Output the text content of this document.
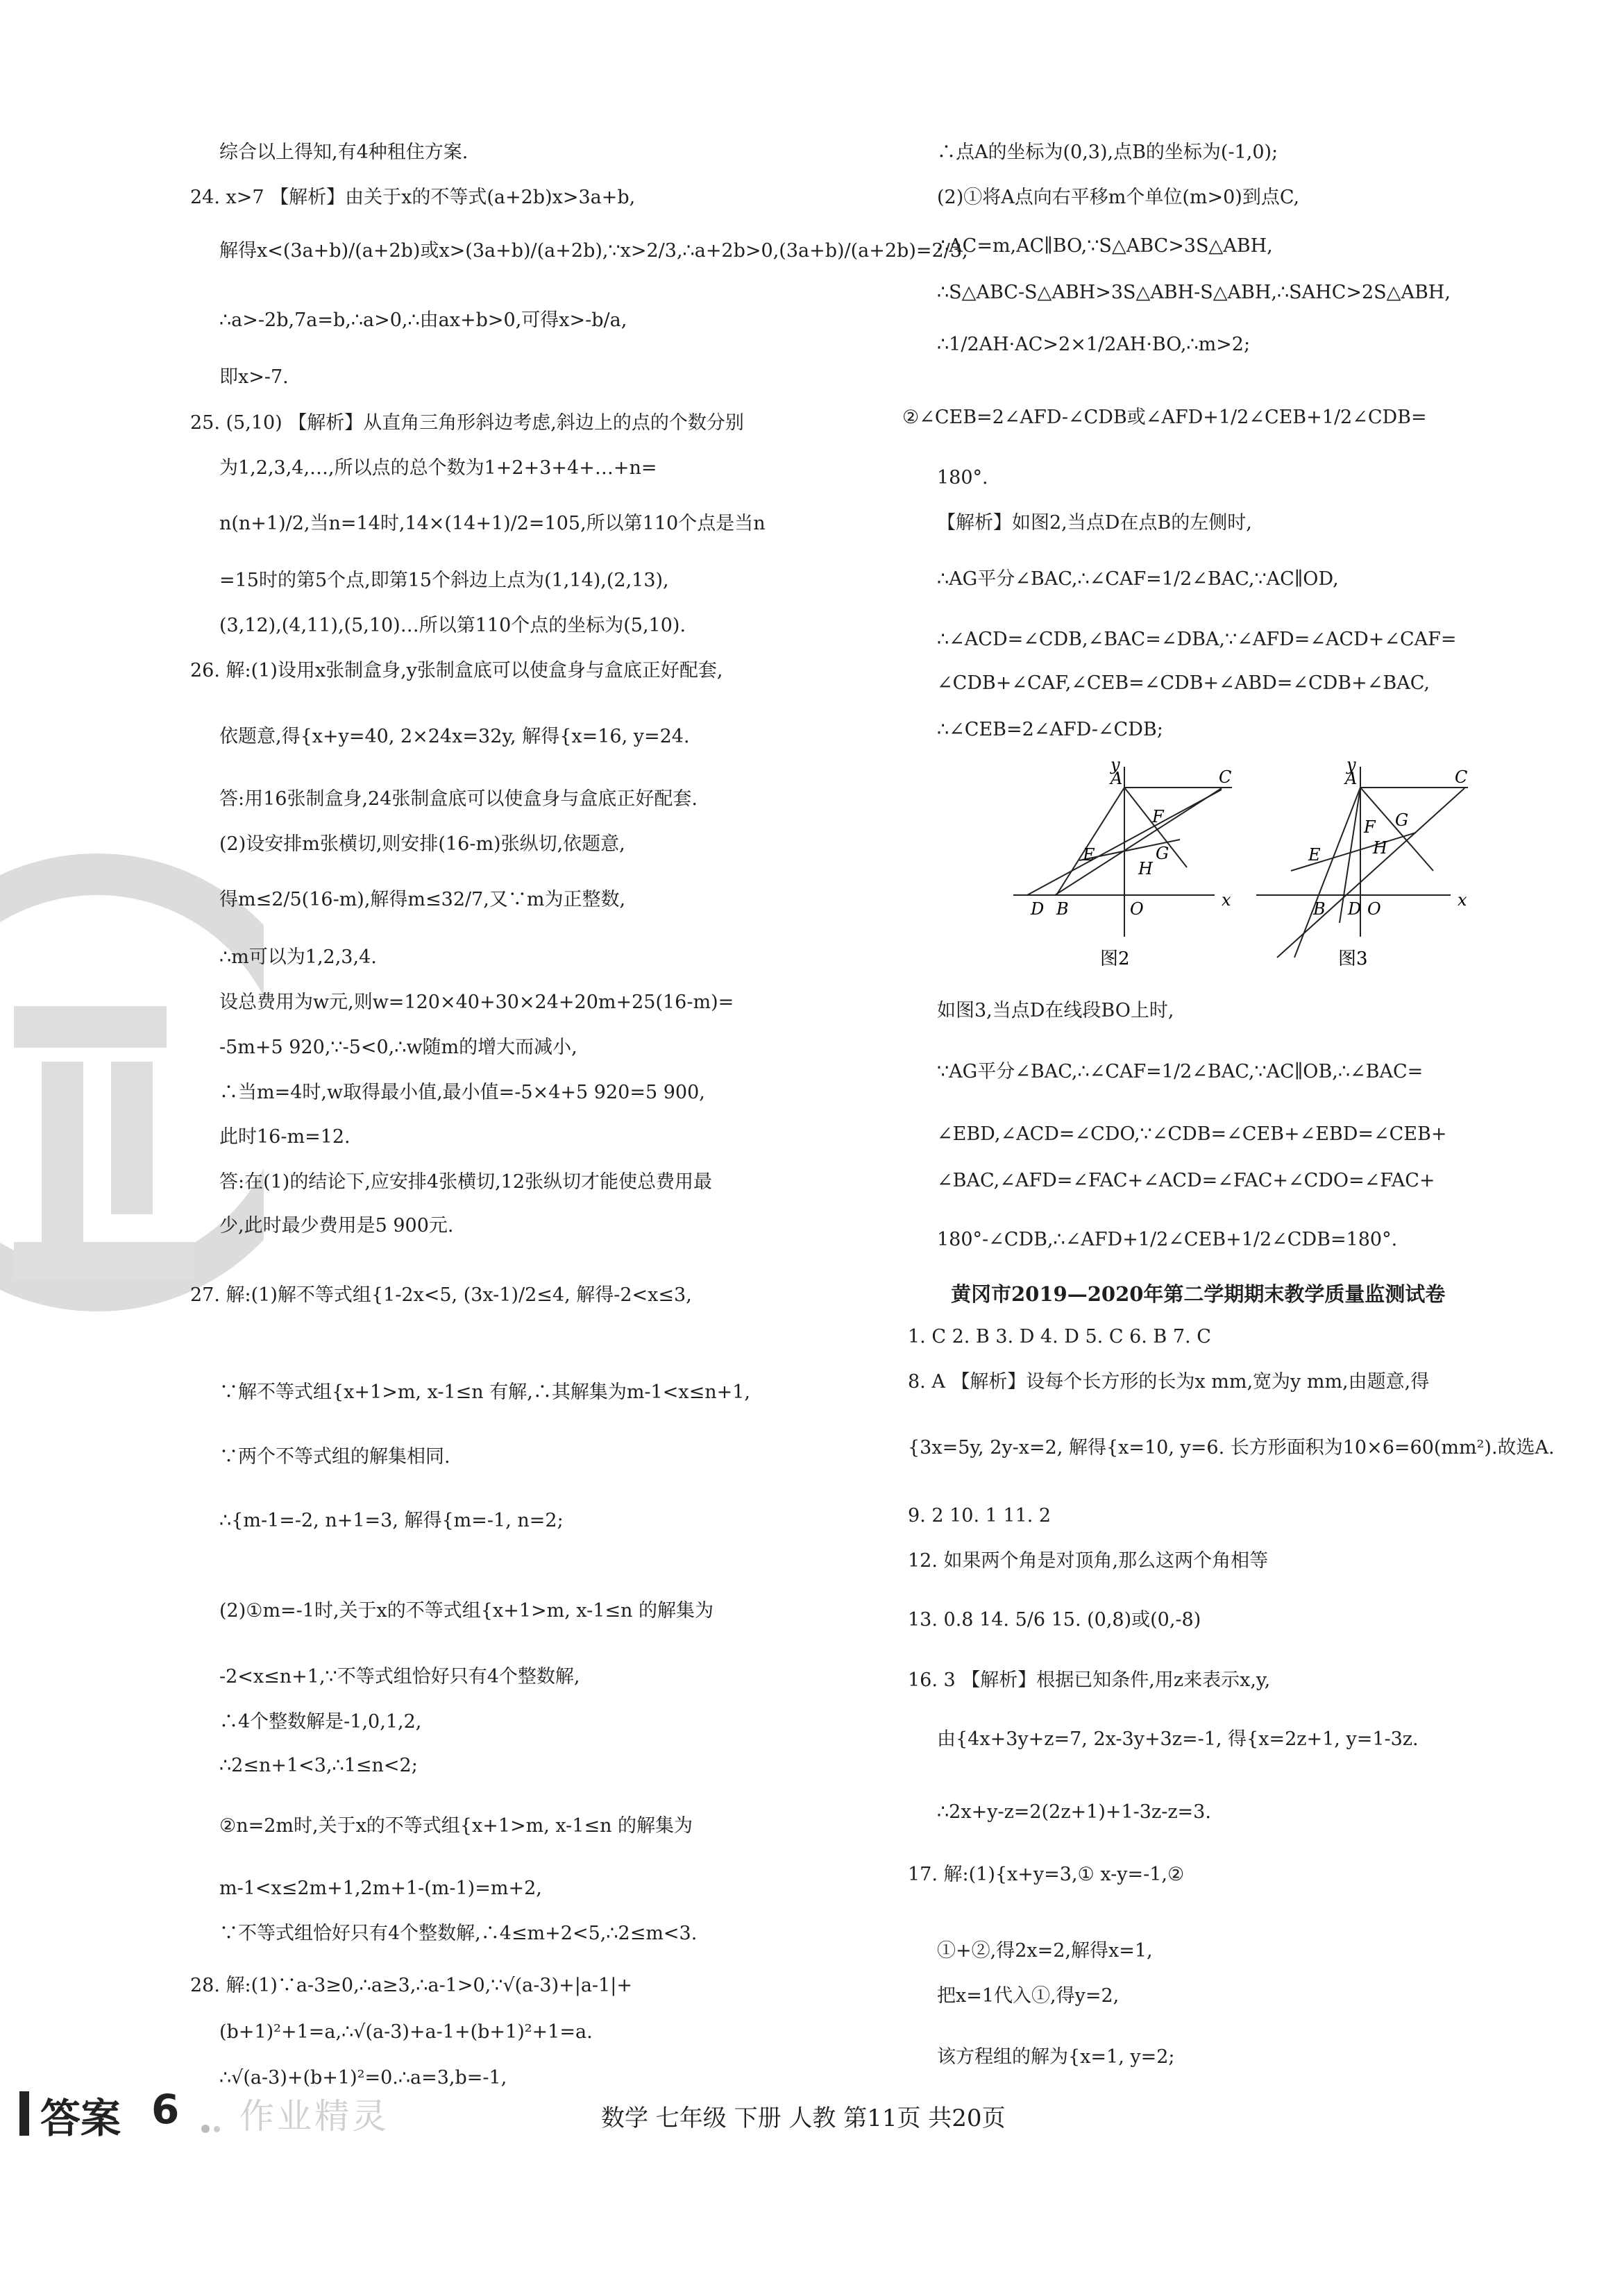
综合以上得知,有4种租住方案.
24. x>7 【解析】由关于x的不等式(a+2b)x>3a+b,
解得x<(3a+b)/(a+2b)或x>(3a+b)/(a+2b),∵x>2/3,∴a+2b>0,(3a+b)/(a+2b)=2/3,
∴a>-2b,7a=b,∴a>0,∴由ax+b>0,可得x>-b/a,
即x>-7.
25. (5,10) 【解析】从直角三角形斜边考虑,斜边上的点的个数分别
为1,2,3,4,…,所以点的总个数为1+2+3+4+…+n=
n(n+1)/2,当n=14时,14×(14+1)/2=105,所以第110个点是当n
=15时的第5个点,即第15个斜边上点为(1,14),(2,13),
(3,12),(4,11),(5,10)…所以第110个点的坐标为(5,10).
26. 解:(1)设用x张制盒身,y张制盒底可以使盒身与盒底正好配套,
依题意,得{x+y=40, 2×24x=32y, 解得{x=16, y=24.
答:用16张制盒身,24张制盒底可以使盒身与盒底正好配套.
(2)设安排m张横切,则安排(16-m)张纵切,依题意,
得m≤2/5(16-m),解得m≤32/7,又∵m为正整数,
∴m可以为1,2,3,4.
设总费用为w元,则w=120×40+30×24+20m+25(16-m)=
-5m+5 920,∵-5<0,∴w随m的增大而减小,
∴当m=4时,w取得最小值,最小值=-5×4+5 920=5 900,
此时16-m=12.
答:在(1)的结论下,应安排4张横切,12张纵切才能使总费用最
少,此时最少费用是5 900元.
27. 解:(1)解不等式组{1-2x<5, (3x-1)/2≤4, 解得-2<x≤3,
∵解不等式组{x+1>m, x-1≤n 有解,∴其解集为m-1<x≤n+1,
∵两个不等式组的解集相同.
∴{m-1=-2, n+1=3, 解得{m=-1, n=2;
(2)①m=-1时,关于x的不等式组{x+1>m, x-1≤n 的解集为
-2<x≤n+1,∵不等式组恰好只有4个整数解,
∴4个整数解是-1,0,1,2,
∴2≤n+1<3,∴1≤n<2;
②n=2m时,关于x的不等式组{x+1>m, x-1≤n 的解集为
m-1<x≤2m+1,2m+1-(m-1)=m+2,
∵不等式组恰好只有4个整数解,∴4≤m+2<5,∴2≤m<3.
28. 解:(1)∵a-3≥0,∴a≥3,∴a-1>0,∵√(a-3)+|a-1|+
(b+1)²+1=a,∴√(a-3)+a-1+(b+1)²+1=a.
∴√(a-3)+(b+1)²=0.∴a=3,b=-1,
∴点A的坐标为(0,3),点B的坐标为(-1,0);
(2)①将A点向右平移m个单位(m>0)到点C,
∴AC=m,AC∥BO,∵S△ABC>3S△ABH,
∴S△ABC-S△ABH>3S△ABH-S△ABH,∴SAHC>2S△ABH,
∴1/2AH·AC>2×1/2AH·BO,∴m>2;
②∠CEB=2∠AFD-∠CDB或∠AFD+1/2∠CEB+1/2∠CDB=
180°.
【解析】如图2,当点D在点B的左侧时,
∴AG平分∠BAC,∴∠CAF=1/2∠BAC,∵AC∥OD,
∴∠ACD=∠CDB,∠BAC=∠DBA,∵∠AFD=∠ACD+∠CAF=
∠CDB+∠CAF,∠CEB=∠CDB+∠ABD=∠CDB+∠BAC,
∴∠CEB=2∠AFD-∠CDB;
y
x
A	C
F
E	G
H
D B	O
图2
y
x
A	C
F
E
G
H
D
B	O
图3
如图3,当点D在线段BO上时,
∵AG平分∠BAC,∴∠CAF=1/2∠BAC,∵AC∥OB,∴∠BAC=
∠EBD,∠ACD=∠CDO,∵∠CDB=∠CEB+∠EBD=∠CEB+
∠BAC,∠AFD=∠FAC+∠ACD=∠FAC+∠CDO=∠FAC+
180°-∠CDB,∴∠AFD+1/2∠CEB+1/2∠CDB=180°.
黄冈市2019—2020年第二学期期末教学质量监测试卷
1. C 2. B 3. D 4. D 5. C 6. B 7. C
8. A 【解析】设每个长方形的长为x mm,宽为y mm,由题意,得
{3x=5y, 2y-x=2, 解得{x=10, y=6. 长方形面积为10×6=60(mm²).故选A.
9. 2 10. 1 11. 2
12. 如果两个角是对顶角,那么这两个角相等
13. 0.8 14. 5/6 15. (0,8)或(0,-8)
16. 3 【解析】根据已知条件,用z来表示x,y,
由{4x+3y+z=7, 2x-3y+3z=-1, 得{x=2z+1, y=1-3z.
∴2x+y-z=2(2z+1)+1-3z-z=3.
17. 解:(1){x+y=3,① x-y=-1,②
①+②,得2x=2,解得x=1,
把x=1代入①,得y=2,
该方程组的解为{x=1, y=2;
答案 6 作业精灵	数学 七年级 下册 人教 第11页 共20页
